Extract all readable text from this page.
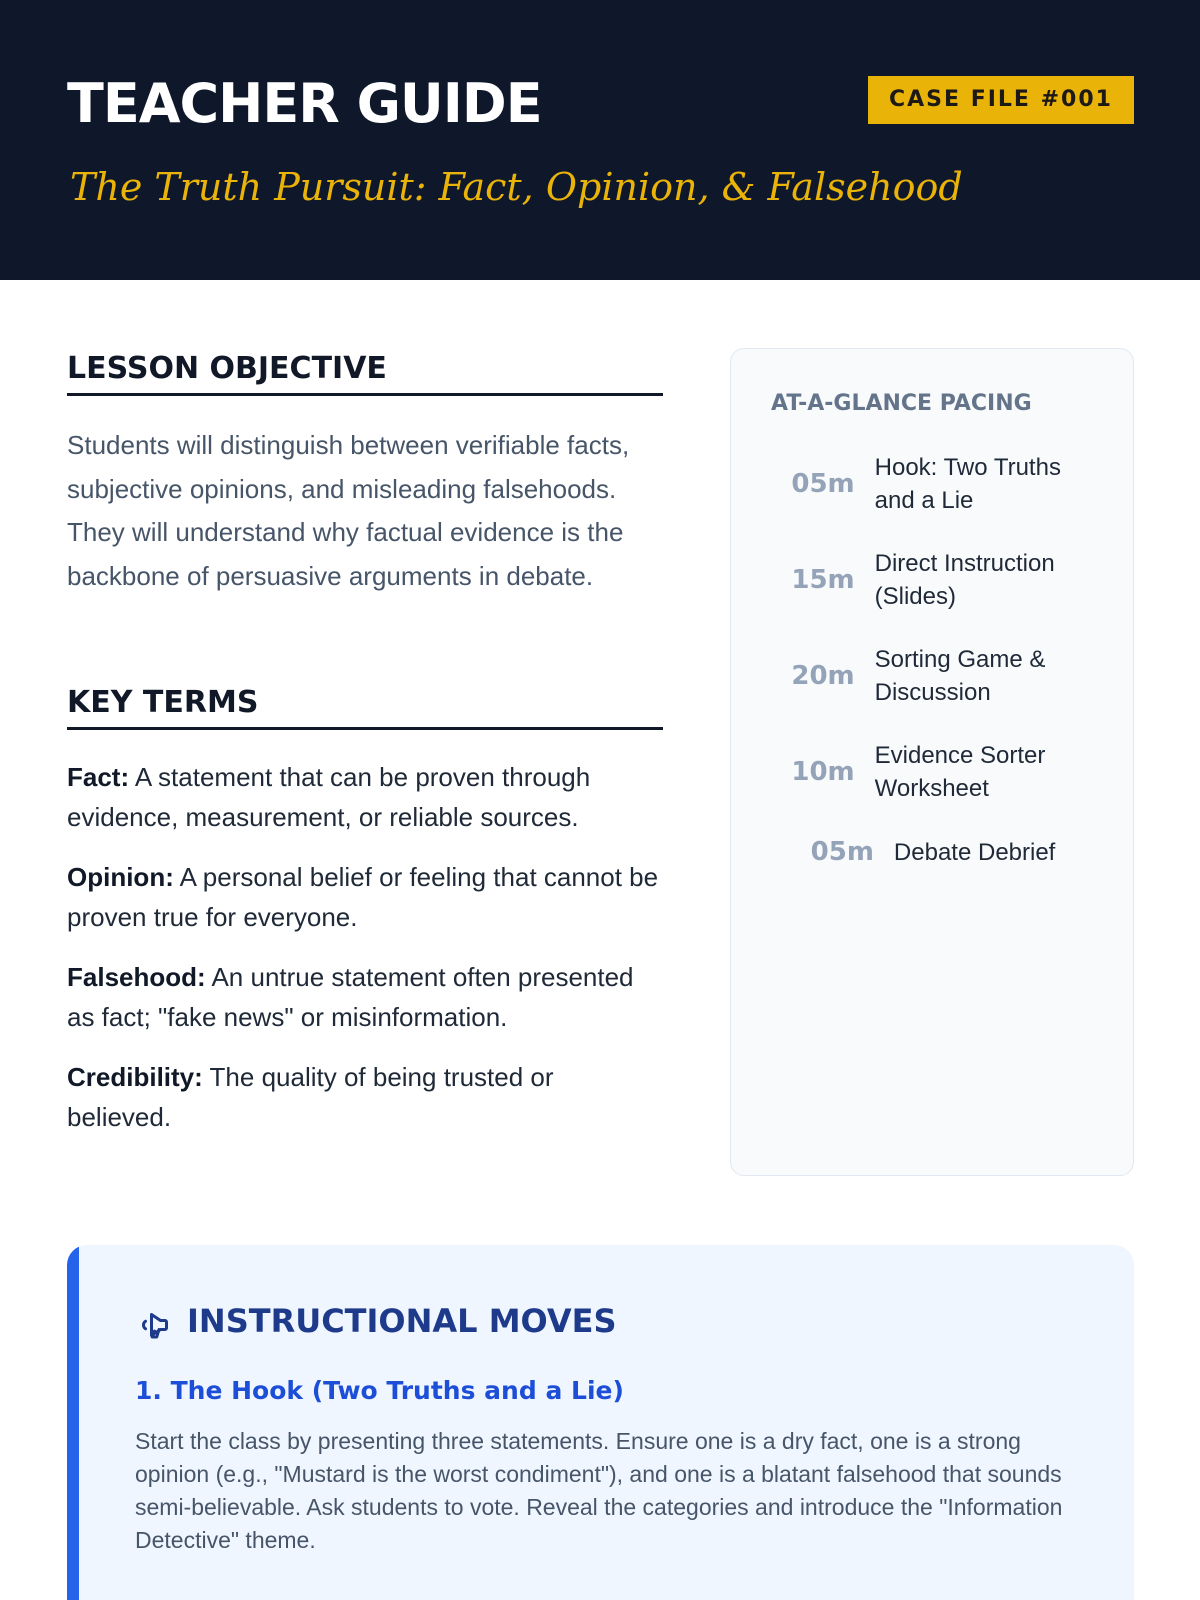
TEACHER GUIDE	CASE FILE #001
The Truth Pursuit: Fact, Opinion, & Falsehood
LESSON OBJECTIVE

Students will distinguish between verifiable facts, subjective opinions, and misleading falsehoods. They will understand why factual evidence is the backbone of persuasive arguments in debate.

KEY TERMS

Fact: A statement that can be proven through evidence, measurement, or reliable sources.

Opinion: A personal belief or feeling that cannot be proven true for everyone.

Falsehood: An untrue statement often presented as fact; "fake news" or misinformation.

Credibility: The quality of being trusted or believed.

AT-A-GLANCE PACING
05m
Hook: Two Truths and a Lie
15m
Direct Instruction (Slides)
20m
Sorting Game & Discussion
10m
Evidence Sorter Worksheet
05m Debate Debrief
INSTRUCTIONAL MOVES
1. The Hook (Two Truths and a Lie)

Start the class by presenting three statements. Ensure one is a dry fact, one is a strong opinion (e.g., "Mustard is the worst condiment"), and one is a blatant falsehood that sounds semi-believable. Ask students to vote. Reveal the categories and introduce the "Information Detective" theme.
